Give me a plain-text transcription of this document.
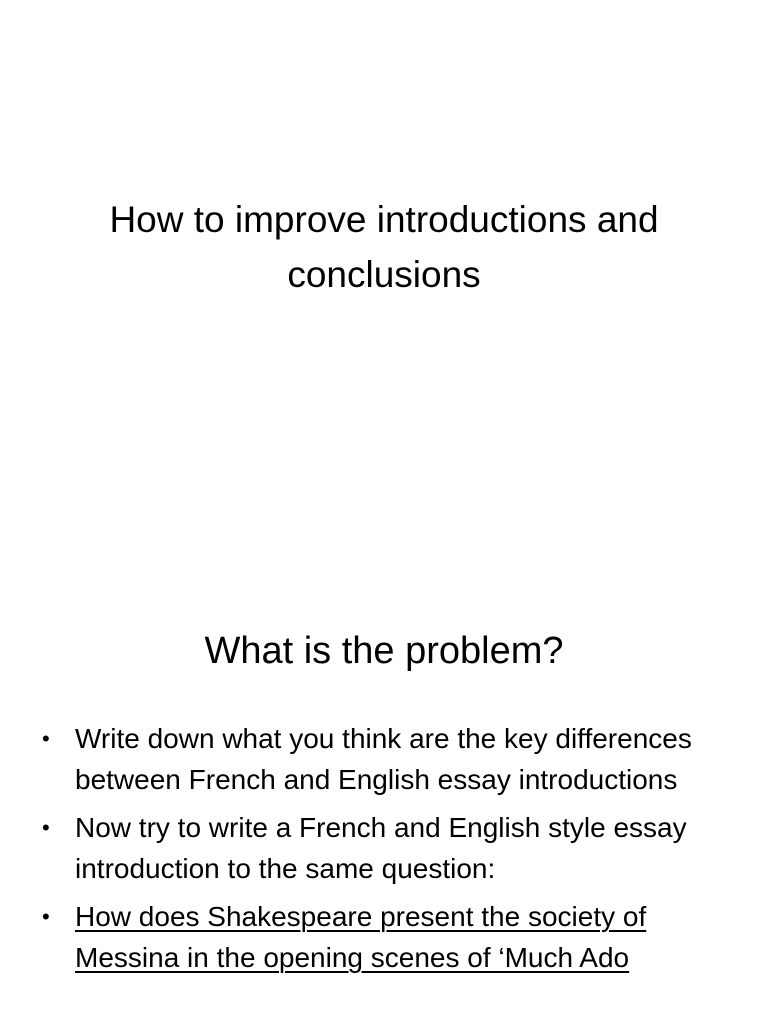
How to improve introductions and conclusions
What is the problem?
• Write down what you think are the key differences between French and English essay introductions
• Now try to write a French and English style essay introduction to the same question:
• How does Shakespeare present the society of Messina in the opening scenes of ‘Much Ado
